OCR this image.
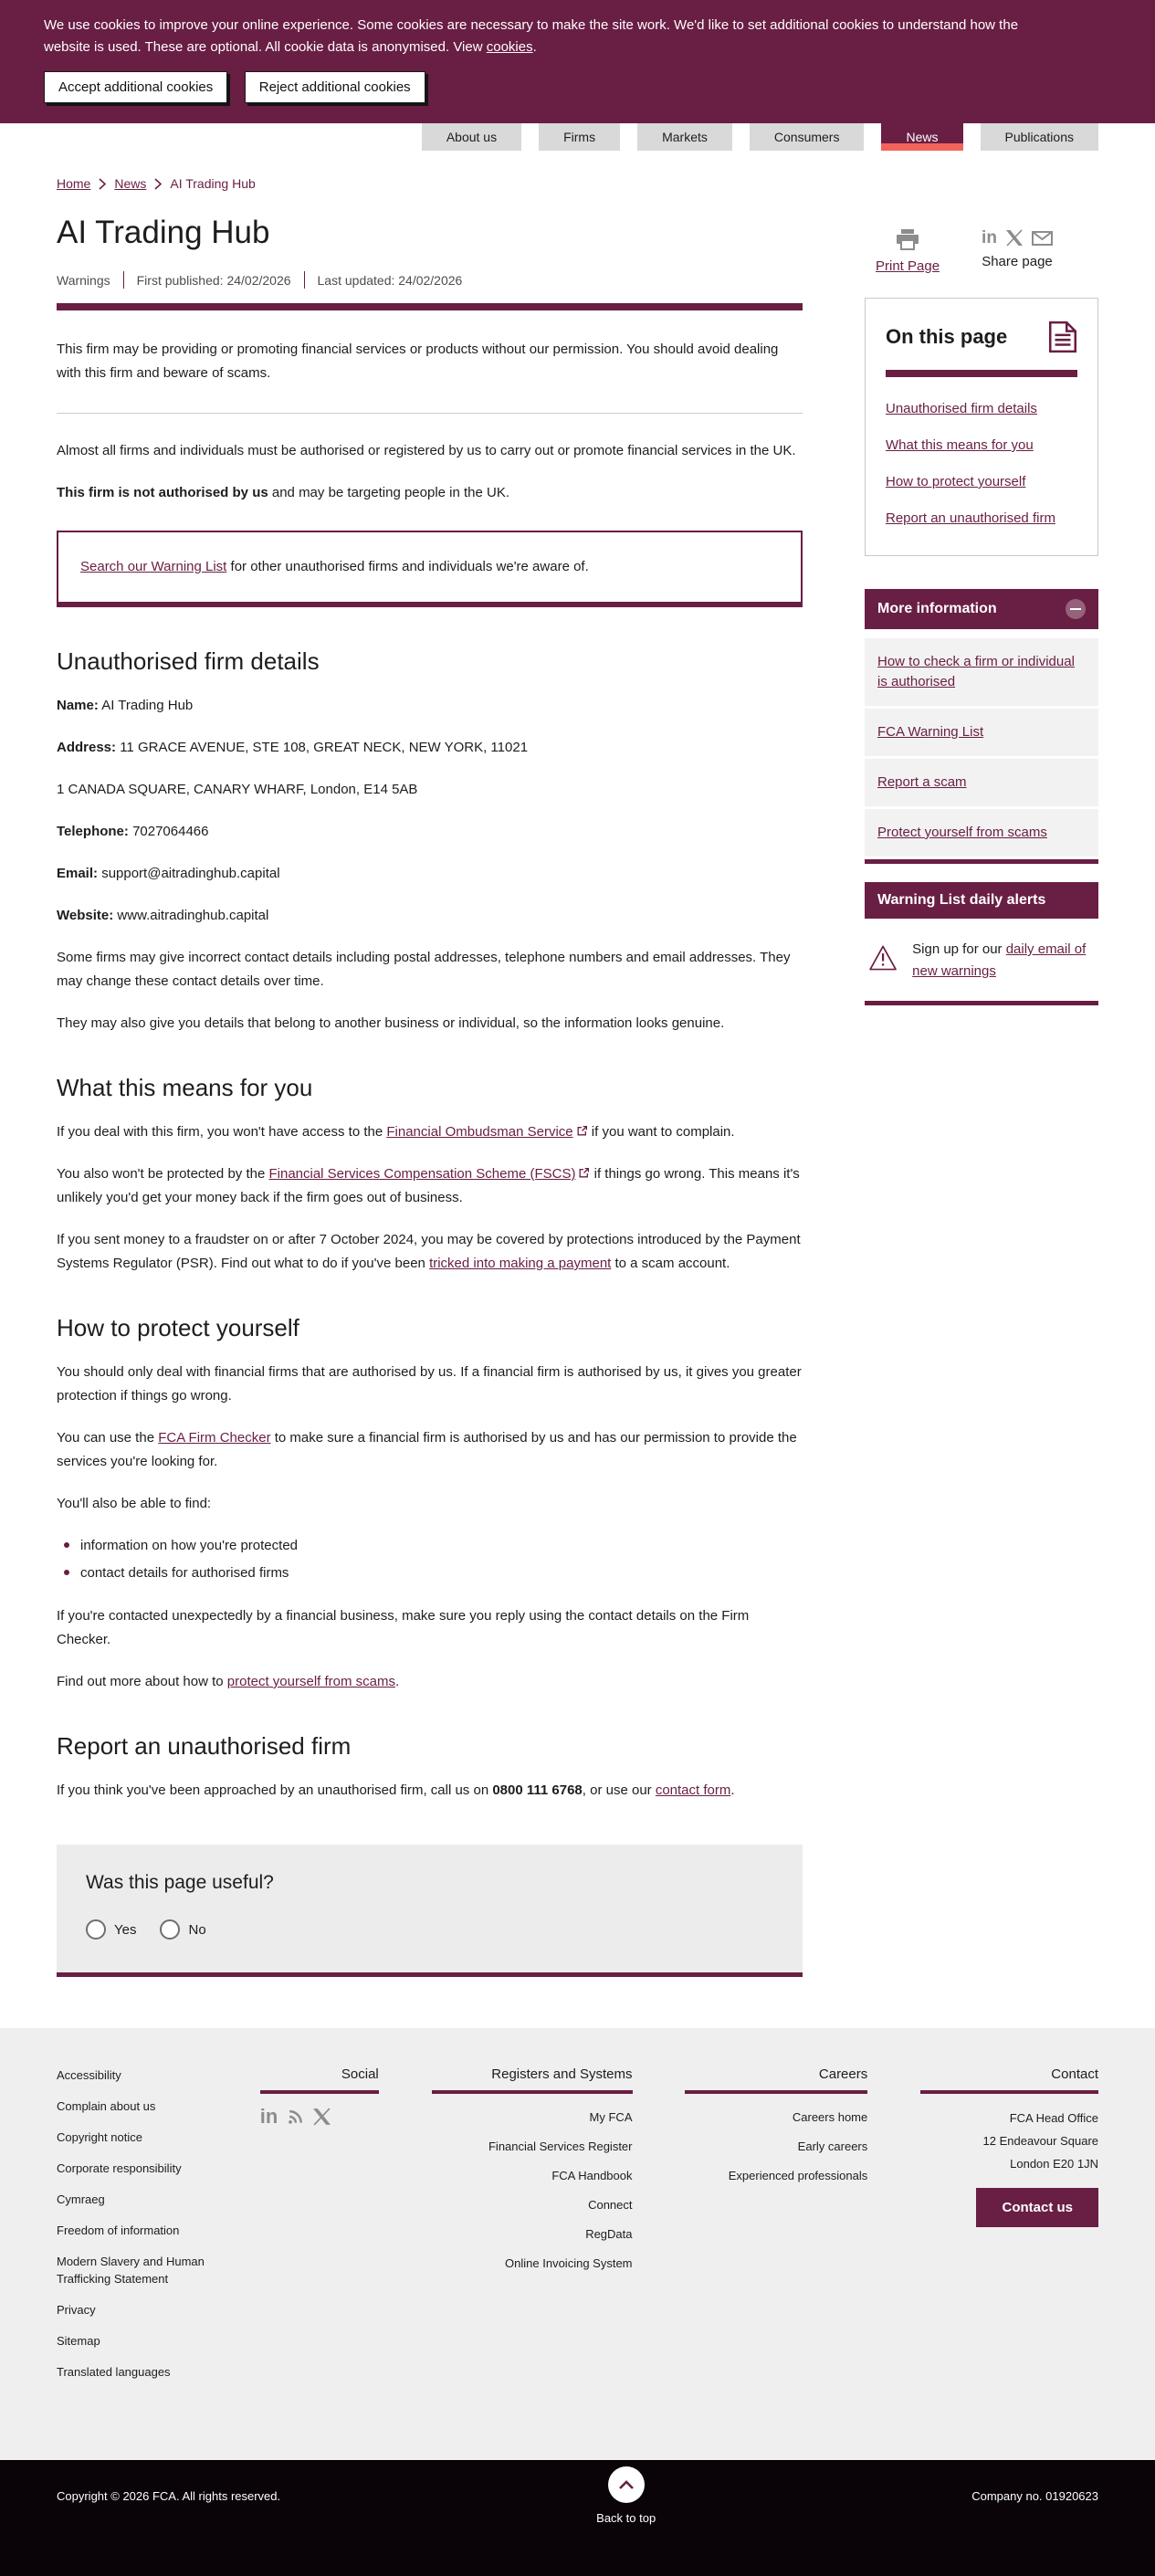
We use cookies to improve your online experience. Some cookies are necessary to make the site work. We'd like to set additional cookies to understand how the website is used. These are optional. All cookie data is anonymised. View cookies.

Accept additional cookies	Reject additional cookies
About us	Firms	Markets	Consumers	News	Publications
Home News AI Trading Hub
AI Trading Hub
Warnings First published: 24/02/2026 Last updated: 24/02/2026

This firm may be providing or promoting financial services or products without our permission. You should avoid dealing with this firm and beware of scams.

Almost all firms and individuals must be authorised or registered by us to carry out or promote financial services in the UK.

This firm is not authorised by us and may be targeting people in the UK.

Search our Warning List for other unauthorised firms and individuals we're aware of.
Unauthorised firm details

Name: AI Trading Hub

Address: 11 GRACE AVENUE, STE 108, GREAT NECK, NEW YORK, 11021

1 CANADA SQUARE, CANARY WHARF, London, E14 5AB

Telephone: 7027064466

Email: support@aitradinghub.capital

Website: www.aitradinghub.capital

Some firms may give incorrect contact details including postal addresses, telephone numbers and email addresses. They may change these contact details over time.

They may also give you details that belong to another business or individual, so the information looks genuine.

What this means for you

If you deal with this firm, you won't have access to the Financial Ombudsman Service if you want to complain.

You also won't be protected by the Financial Services Compensation Scheme (FSCS) if things go wrong. This means it's unlikely you'd get your money back if the firm goes out of business.

If you sent money to a fraudster on or after 7 October 2024, you may be covered by protections introduced by the Payment Systems Regulator (PSR). Find out what to do if you've been tricked into making a payment to a scam account.

How to protect yourself

You should only deal with financial firms that are authorised by us. If a financial firm is authorised by us, it gives you greater protection if things go wrong.

You can use the FCA Firm Checker to make sure a financial firm is authorised by us and has our permission to provide the services you're looking for.

You'll also be able to find:

information on how you're protected
contact details for authorised firms

If you're contacted unexpectedly by a financial business, make sure you reply using the contact details on the Firm Checker.

Find out more about how to protect yourself from scams.

Report an unauthorised firm

If you think you've been approached by an unauthorised firm, call us on 0800 111 6768, or use our contact form.

Was this page useful?
Yes	No
Print Page
in
Share page
On this page
Unauthorised firm details
What this means for you
How to protect yourself
Report an unauthorised firm
More information
How to check a firm or individual is authorised
FCA Warning List
Report a scam
Protect yourself from scams
Warning List daily alerts
Sign up for our daily email of new warnings
Accessibility
Complain about us
Copyright notice
Corporate responsibility
Cymraeg
Freedom of information
Modern Slavery and Human Trafficking Statement
Privacy
Sitemap
Translated languages
Social
in
Registers and Systems
My FCA
Financial Services Register
FCA Handbook
Connect
RegData
Online Invoicing System
Careers
Careers home
Early careers
Experienced professionals
Contact
FCA Head Office
12 Endeavour Square
London E20 1JN
Contact us
Copyright © 2026 FCA. All rights reserved.
Back to top
Company no. 01920623
